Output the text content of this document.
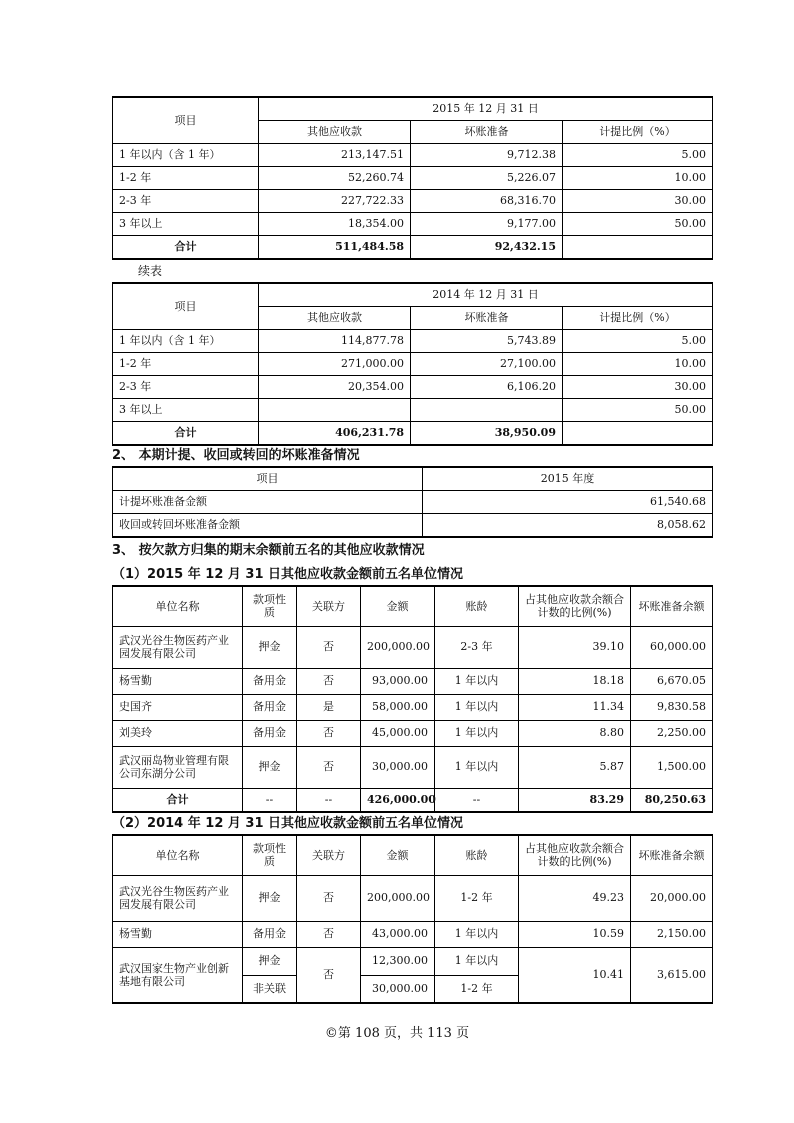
项目	2015 年 12 月 31 日		
	其他应收款	坏账准备	计提比例（%）
1 年以内（含 1 年）	213,147.51	9,712.38	5.00
1-2 年	52,260.74	5,226.07	10.00
2-3 年	227,722.33	68,316.70	30.00
3 年以上	18,354.00	9,177.00	50.00
合计	511,484.58	92,432.15	
续表
项目	2014 年 12 月 31 日		
	其他应收款	坏账准备	计提比例（%）
1 年以内（含 1 年）	114,877.78	5,743.89	5.00
1-2 年	271,000.00	27,100.00	10.00
2-3 年	20,354.00	6,106.20	30.00
3 年以上			50.00
合计	406,231.78	38,950.09	
2、 本期计提、收回或转回的坏账准备情况
项目	2015 年度
计提坏账准备金额	61,540.68
收回或转回坏账准备金额	8,058.62
3、 按欠款方归集的期末余额前五名的其他应收款情况
（1）2015 年 12 月 31 日其他应收款金额前五名单位情况
单位名称	款项性质	关联方	金额	账龄	占其他应收款余额合计数的比例(%)	坏账准备余额
武汉光谷生物医药产业园发展有限公司	押金	否	200,000.00	2-3 年	39.10	60,000.00
杨雪勤	备用金	否	93,000.00	1 年以内	18.18	6,670.05
史国齐	备用金	是	58,000.00	1 年以内	11.34	9,830.58
刘美玲	备用金	否	45,000.00	1 年以内	8.80	2,250.00
武汉丽岛物业管理有限公司东湖分公司	押金	否	30,000.00	1 年以内	5.87	1,500.00
合计	--	--	426,000.00	--	83.29	80,250.63
（2）2014 年 12 月 31 日其他应收款金额前五名单位情况
单位名称	款项性质	关联方	金额	账龄	占其他应收款余额合计数的比例(%)	坏账准备余额
武汉光谷生物医药产业园发展有限公司	押金	否	200,000.00	1-2 年	49.23	20,000.00
杨雪勤	备用金	否	43,000.00	1 年以内	10.59	2,150.00
武汉国家生物产业创新基地有限公司	押金	否	12,300.00	1 年以内	10.41	3,615.00
	非关联		30,000.00	1-2 年		
©第 108 页，共 113 页
